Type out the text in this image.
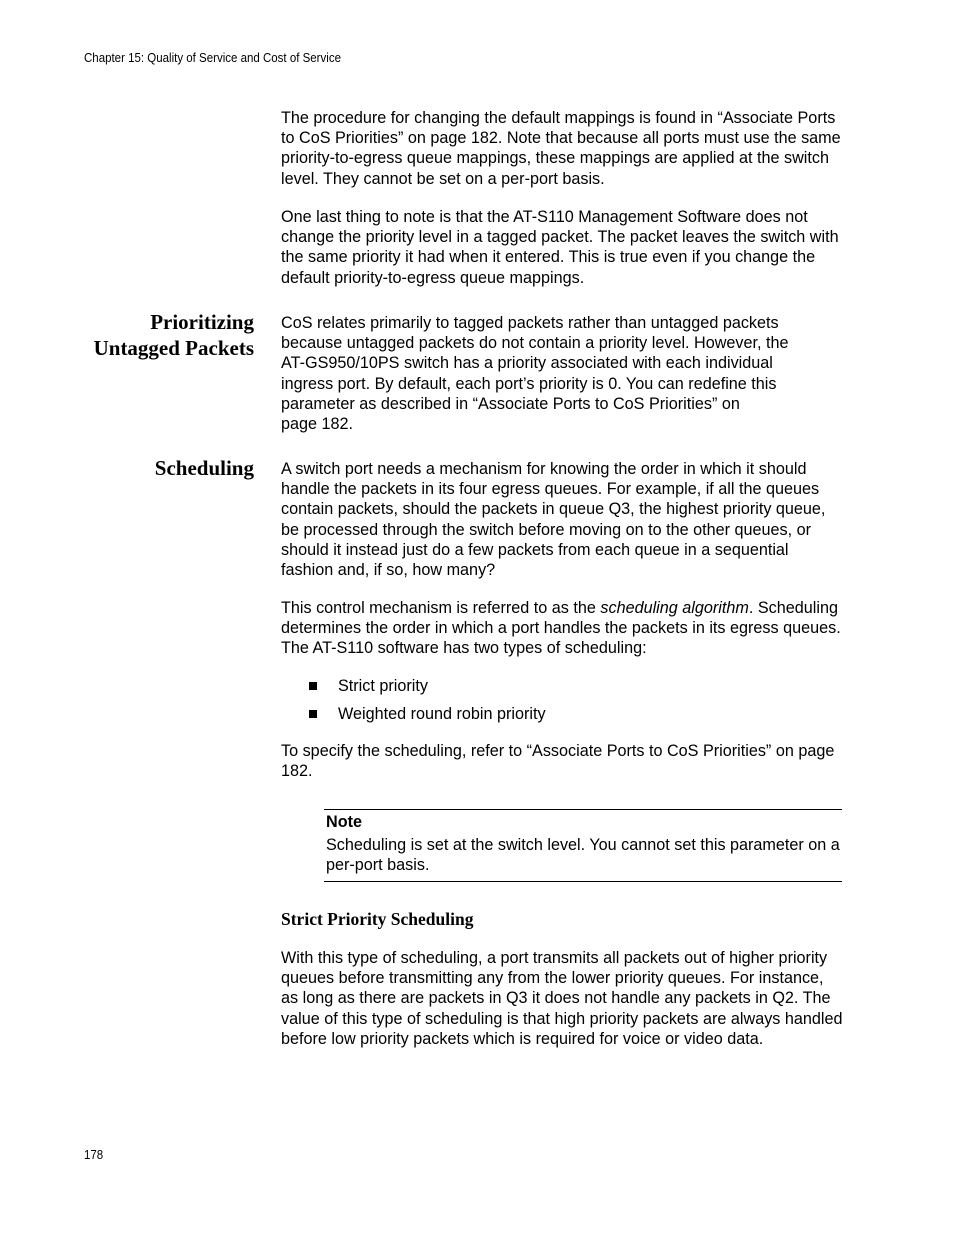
Chapter 15: Quality of Service and Cost of Service

The procedure for changing the default mappings is found in “Associate Ports to CoS Priorities” on page 182. Note that because all ports must use the same priority-to-egress queue mappings, these mappings are applied at the switch level. They cannot be set on a per-port basis.

One last thing to note is that the AT-S110 Management Software does not change the priority level in a tagged packet. The packet leaves the switch with the same priority it had when it entered. This is true even if you change the default priority-to-egress queue mappings.

Prioritizing
Untagged Packets
CoS relates primarily to tagged packets rather than untagged packets
because untagged packets do not contain a priority level. However, the
AT-GS950/10PS switch has a priority associated with each individual
ingress port. By default, each port’s priority is 0. You can redefine this
parameter as described in “Associate Ports to CoS Priorities” on
page 182.
Scheduling A switch port needs a mechanism for knowing the order in which it should handle the packets in its four egress queues. For example, if all the queues contain packets, should the packets in queue Q3, the highest priority queue, be processed through the switch before moving on to the other queues, or should it instead just do a few packets from each queue in a sequential fashion and, if so, how many?

This control mechanism is referred to as the scheduling algorithm. Scheduling determines the order in which a port handles the packets in its egress queues. The AT-S110 software has two types of scheduling:

Strict priority
Weighted round robin priority

To specify the scheduling, refer to “Associate Ports to CoS Priorities” on page 182.

Note

Scheduling is set at the switch level. You cannot set this parameter on a per-port basis.

Strict Priority Scheduling

With this type of scheduling, a port transmits all packets out of higher priority queues before transmitting any from the lower priority queues. For instance, as long as there are packets in Q3 it does not handle any packets in Q2. The value of this type of scheduling is that high priority packets are always handled before low priority packets which is required for voice or video data.

178
